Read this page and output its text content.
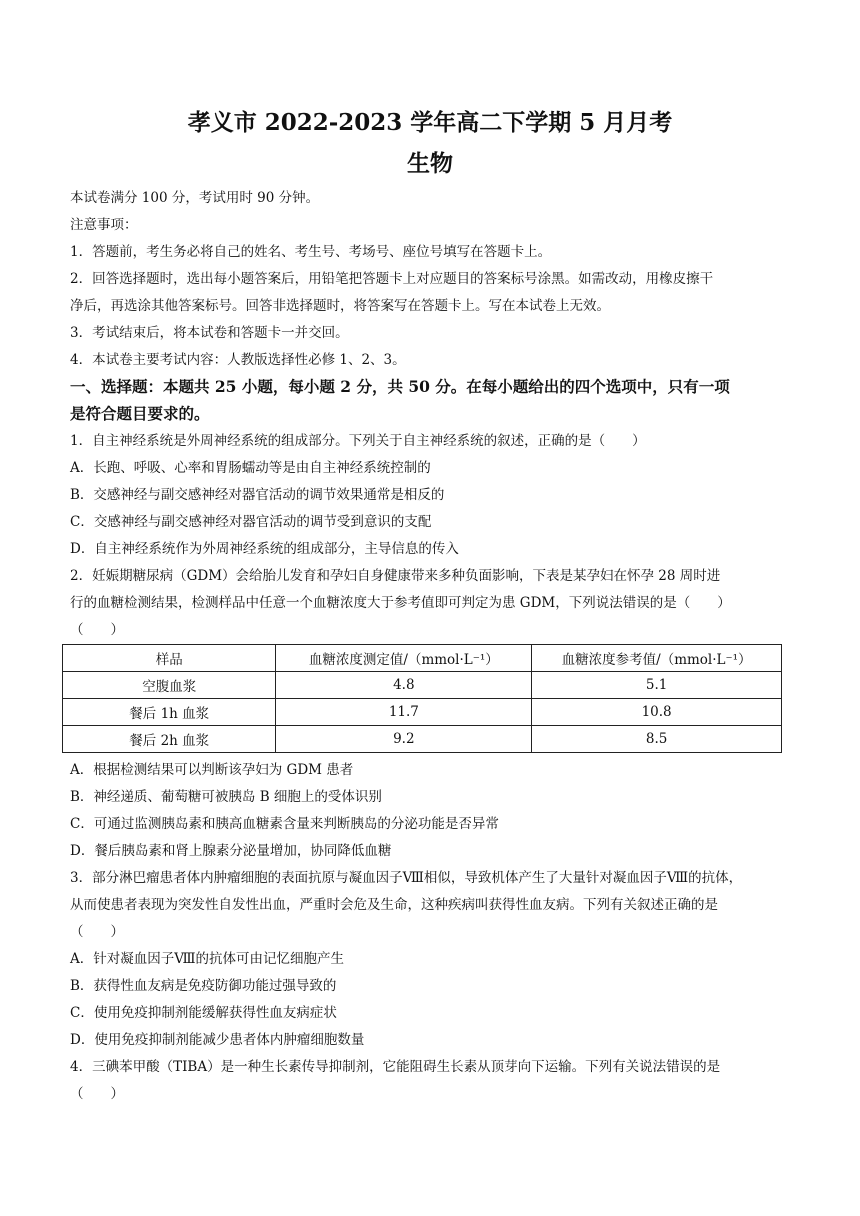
孝义市 2022-2023 学年高二下学期 5 月月考
生物
本试卷满分 100 分，考试用时 90 分钟。
注意事项：
1．答题前，考生务必将自己的姓名、考生号、考场号、座位号填写在答题卡上。
2．回答选择题时，选出每小题答案后，用铅笔把答题卡上对应题目的答案标号涂黑。如需改动，用橡皮擦干
净后，再选涂其他答案标号。回答非选择题时，将答案写在答题卡上。写在本试卷上无效。
3．考试结束后，将本试卷和答题卡一并交回。
4．本试卷主要考试内容：人教版选择性必修 1、2、3。
一、选择题：本题共 25 小题，每小题 2 分，共 50 分。在每小题给出的四个选项中，只有一项
是符合题目要求的。
1．自主神经系统是外周神经系统的组成部分。下列关于自主神经系统的叙述，正确的是（　　）
A．长跑、呼吸、心率和胃肠蠕动等是由自主神经系统控制的
B．交感神经与副交感神经对器官活动的调节效果通常是相反的
C．交感神经与副交感神经对器官活动的调节受到意识的支配
D．自主神经系统作为外周神经系统的组成部分，主导信息的传入
2．妊娠期糖尿病（GDM）会给胎儿发育和孕妇自身健康带来多种负面影响，下表是某孕妇在怀孕 28 周时进
行的血糖检测结果，检测样品中任意一个血糖浓度大于参考值即可判定为患 GDM，下列说法错误的是（　　）
（　　）
样品	血糖浓度测定值/（mmol·L⁻¹）	血糖浓度参考值/（mmol·L⁻¹）
空腹血浆	4.8	5.1
餐后 1h 血浆	11.7	10.8
餐后 2h 血浆	9.2	8.5
A．根据检测结果可以判断该孕妇为 GDM 患者
B．神经递质、葡萄糖可被胰岛 B 细胞上的受体识别
C．可通过监测胰岛素和胰高血糖素含量来判断胰岛的分泌功能是否异常
D．餐后胰岛素和肾上腺素分泌量增加，协同降低血糖
3．部分淋巴瘤患者体内肿瘤细胞的表面抗原与凝血因子Ⅷ相似，导致机体产生了大量针对凝血因子Ⅷ的抗体，
从而使患者表现为突发性自发性出血，严重时会危及生命，这种疾病叫获得性血友病。下列有关叙述正确的是
（　　）
A．针对凝血因子Ⅷ的抗体可由记忆细胞产生
B．获得性血友病是免疫防御功能过强导致的
C．使用免疫抑制剂能缓解获得性血友病症状
D．使用免疫抑制剂能减少患者体内肿瘤细胞数量
4．三碘苯甲酸（TIBA）是一种生长素传导抑制剂，它能阻碍生长素从顶芽向下运输。下列有关说法错误的是
（　　）
